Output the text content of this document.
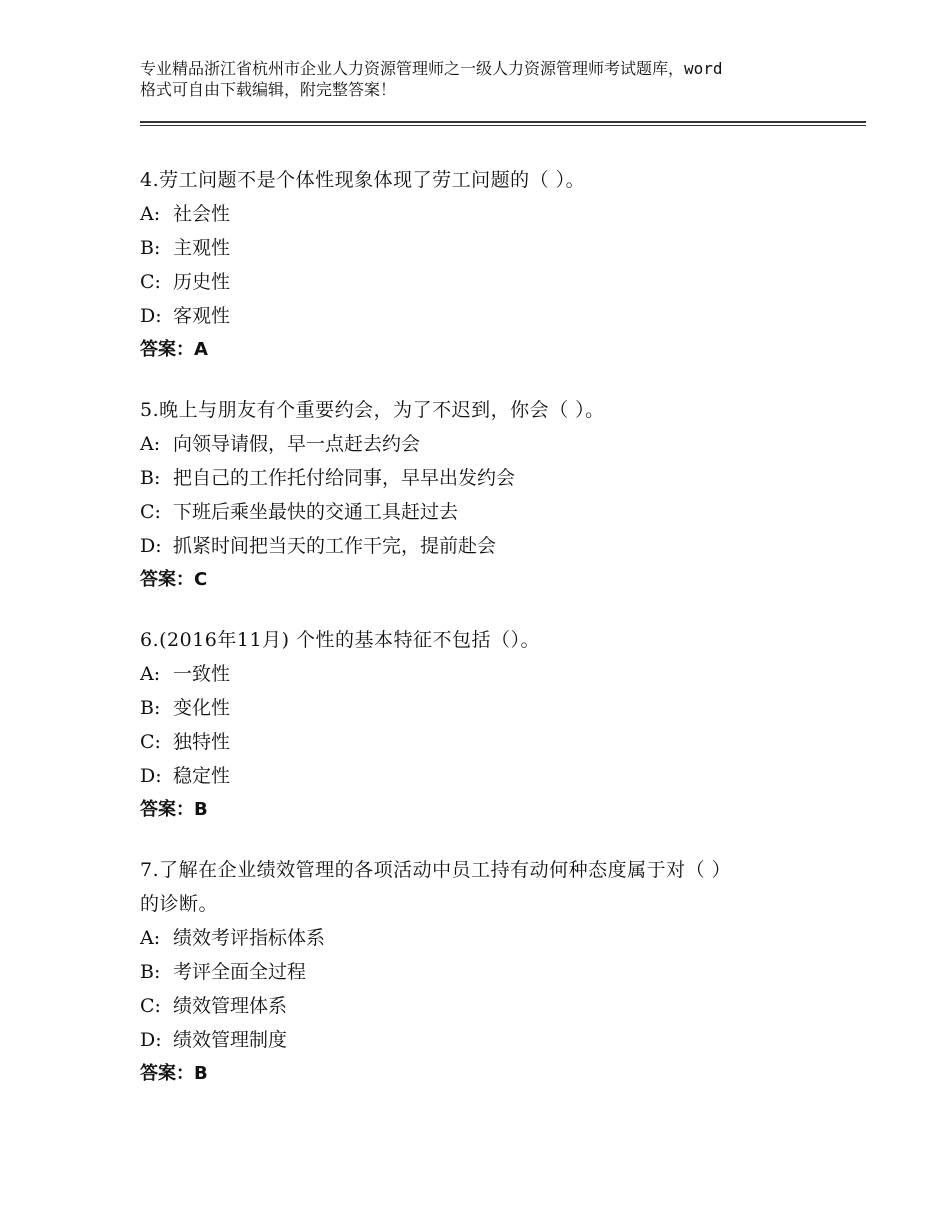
专业精品浙江省杭州市企业人力资源管理师之一级人力资源管理师考试题库，word

格式可自由下载编辑，附完整答案！

4.劳工问题不是个体性现象体现了劳工问题的（ ）。

A: 社会性

B: 主观性

C: 历史性

D: 客观性

答案：A

5.晚上与朋友有个重要约会，为了不迟到，你会（ ）。

A: 向领导请假，早一点赶去约会

B: 把自己的工作托付给同事，早早出发约会

C: 下班后乘坐最快的交通工具赶过去

D: 抓紧时间把当天的工作干完，提前赴会

答案：C

6.(2016年11月) 个性的基本特征不包括（）。

A: 一致性

B: 变化性

C: 独特性

D: 稳定性

答案：B

7.了解在企业绩效管理的各项活动中员工持有动何种态度属于对（ ）
的诊断。

A: 绩效考评指标体系

B: 考评全面全过程

C: 绩效管理体系

D: 绩效管理制度

答案：B
